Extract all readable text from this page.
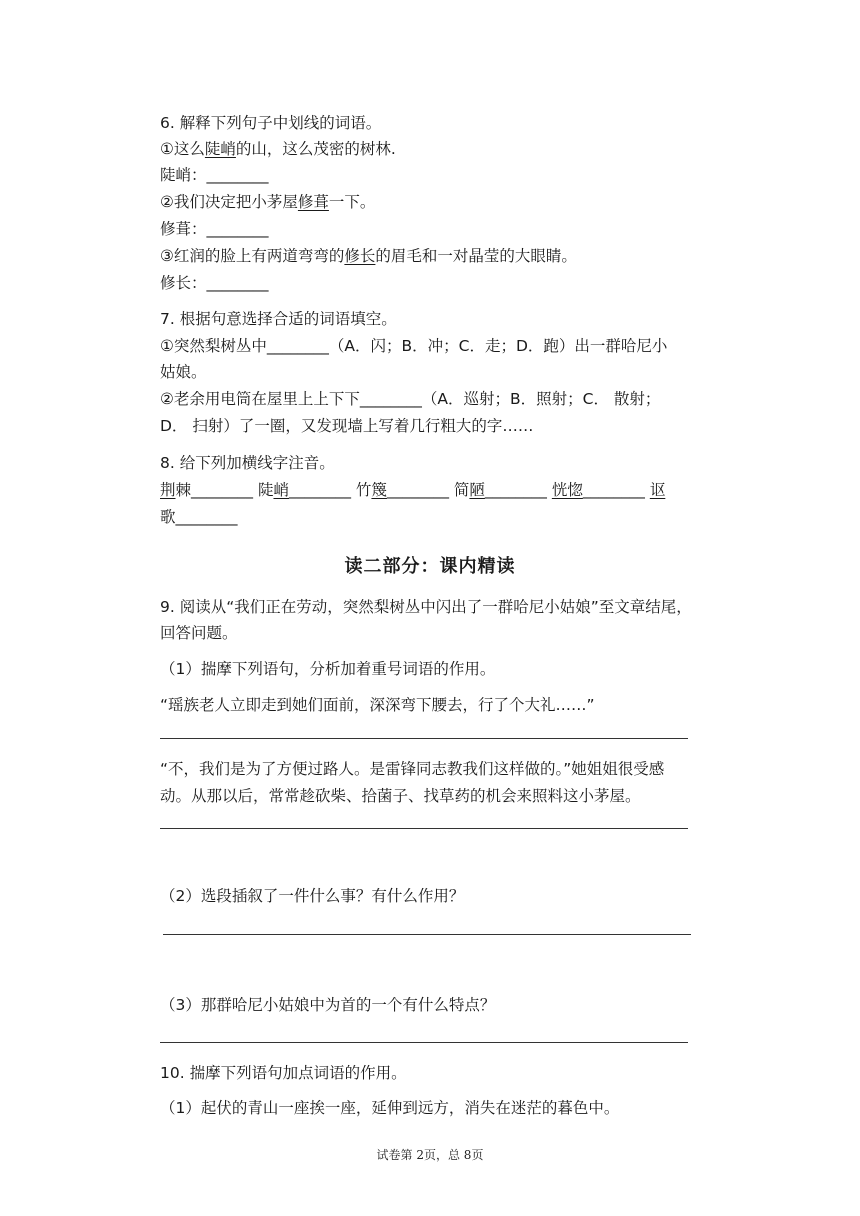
6. 解释下列句子中划线的词语。
①这么陡峭的山，这么茂密的树林.
陡峭：________
②我们决定把小茅屋修葺一下。
修葺：________
③红润的脸上有两道弯弯的修长的眉毛和一对晶莹的大眼睛。
修长：________
7. 根据句意选择合适的词语填空。
①突然梨树丛中________（A．闪；B．冲；C．走；D．跑）出一群哈尼小
姑娘。
②老余用电筒在屋里上上下下________（A．巡射；B．照射；C． 散射；
D． 扫射）了一圈，又发现墙上写着几行粗大的字……
8. 给下列加横线字注音。
荆棘________ 陡峭________ 竹篾________ 简陋________ 恍惚________ 讴
歌________
读二部分：课内精读
9. 阅读从“我们正在劳动，突然梨树丛中闪出了一群哈尼小姑娘”至文章结尾，
回答问题。
（1）揣摩下列语句，分析加着重号词语的作用。
“瑶族老人立即走到她们面前，深深弯下腰去，行了个大礼……”
“不，我们是为了方便过路人。是雷锋同志教我们这样做的。”她姐姐很受感
动。从那以后，常常趁砍柴、拾菌子、找草药的机会来照料这小茅屋。
（2）选段插叙了一件什么事？有什么作用？
（3）那群哈尼小姑娘中为首的一个有什么特点？
10. 揣摩下列语句加点词语的作用。
（1）起伏的青山一座挨一座，延伸到远方，消失在迷茫的暮色中。
试卷第 2页，总 8页
